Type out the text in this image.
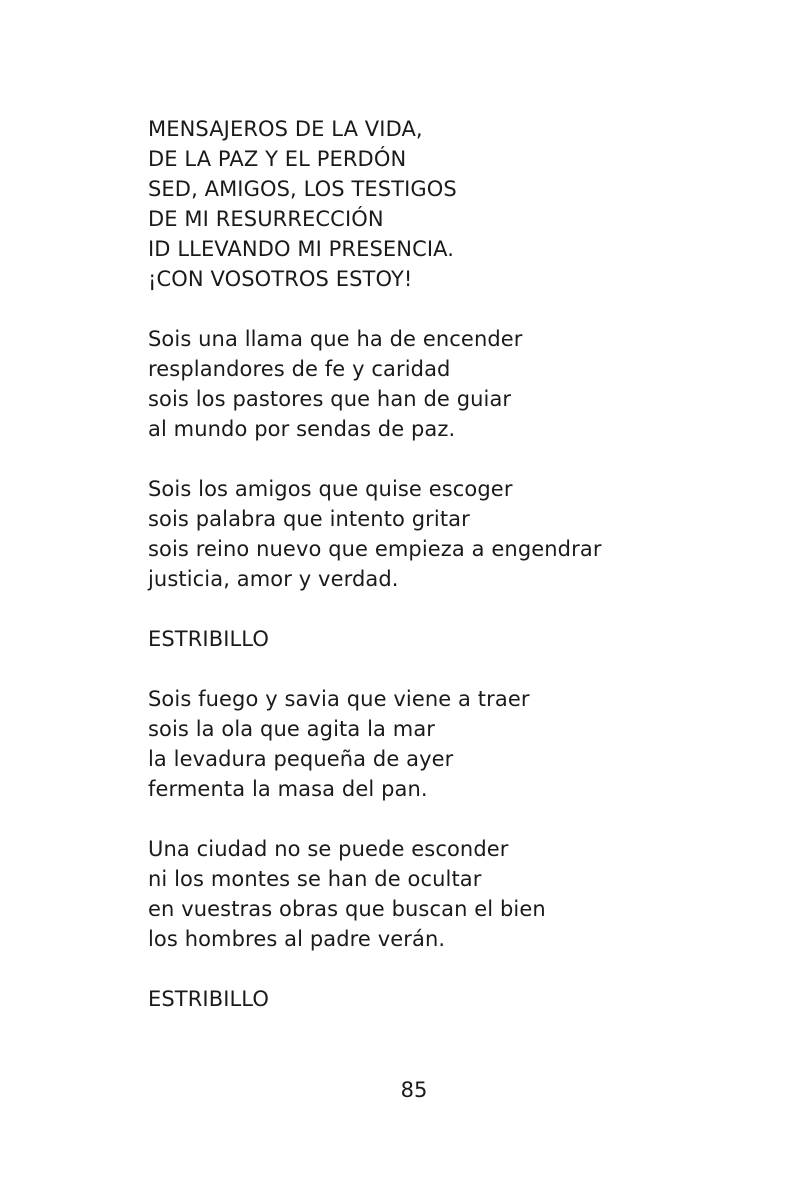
MENSAJEROS DE LA VIDA,
DE LA PAZ Y EL PERDÓN
SED, AMIGOS, LOS TESTIGOS
DE MI RESURRECCIÓN
ID LLEVANDO MI PRESENCIA.
¡CON VOSOTROS ESTOY!
Sois una llama que ha de encender
resplandores de fe y caridad
sois los pastores que han de guiar
al mundo por sendas de paz.
Sois los amigos que quise escoger
sois palabra que intento gritar
sois reino nuevo que empieza a engendrar
justicia, amor y verdad.
ESTRIBILLO
Sois fuego y savia que viene a traer
sois la ola que agita la mar
la levadura pequeña de ayer
fermenta la masa del pan.
Una ciudad no se puede esconder
ni los montes se han de ocultar
en vuestras obras que buscan el bien
los hombres al padre verán.
ESTRIBILLO
85
